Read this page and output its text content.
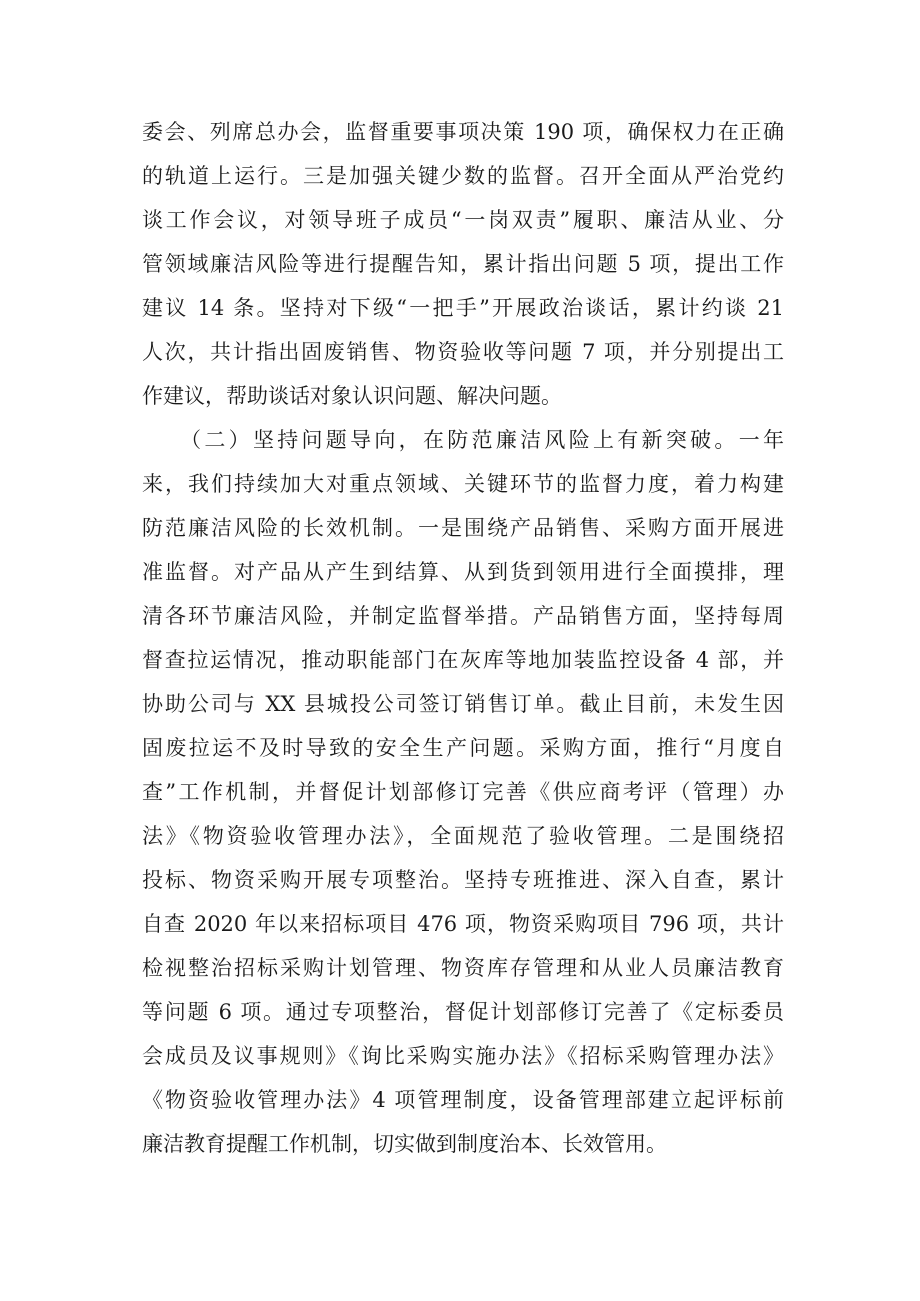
委会、列席总办会，监督重要事项决策 190 项，确保权力在正确
的轨道上运行。三是加强关键少数的监督。召开全面从严治党约
谈工作会议，对领导班子成员“一岗双责”履职、廉洁从业、分
管领域廉洁风险等进行提醒告知，累计指出问题 5 项，提出工作
建议 14 条。坚持对下级“一把手”开展政治谈话，累计约谈 21
人次，共计指出固废销售、物资验收等问题 7 项，并分别提出工
作建议，帮助谈话对象认识问题、解决问题。
　　（二）坚持问题导向，在防范廉洁风险上有新突破。一年
来，我们持续加大对重点领域、关键环节的监督力度，着力构建
防范廉洁风险的长效机制。一是围绕产品销售、采购方面开展进
准监督。对产品从产生到结算、从到货到领用进行全面摸排，理
清各环节廉洁风险，并制定监督举措。产品销售方面，坚持每周
督查拉运情况，推动职能部门在灰库等地加装监控设备 4 部，并
协助公司与 XX 县城投公司签订销售订单。截止目前，未发生因
固废拉运不及时导致的安全生产问题。采购方面，推行“月度自
查”工作机制，并督促计划部修订完善《供应商考评（管理）办
法》《物资验收管理办法》，全面规范了验收管理。二是围绕招
投标、物资采购开展专项整治。坚持专班推进、深入自查，累计
自查 2020 年以来招标项目 476 项，物资采购项目 796 项，共计
检视整治招标采购计划管理、物资库存管理和从业人员廉洁教育
等问题 6 项。通过专项整治，督促计划部修订完善了《定标委员
会成员及议事规则》《询比采购实施办法》《招标采购管理办法》
《物资验收管理办法》4 项管理制度，设备管理部建立起评标前
廉洁教育提醒工作机制，切实做到制度治本、长效管用。
